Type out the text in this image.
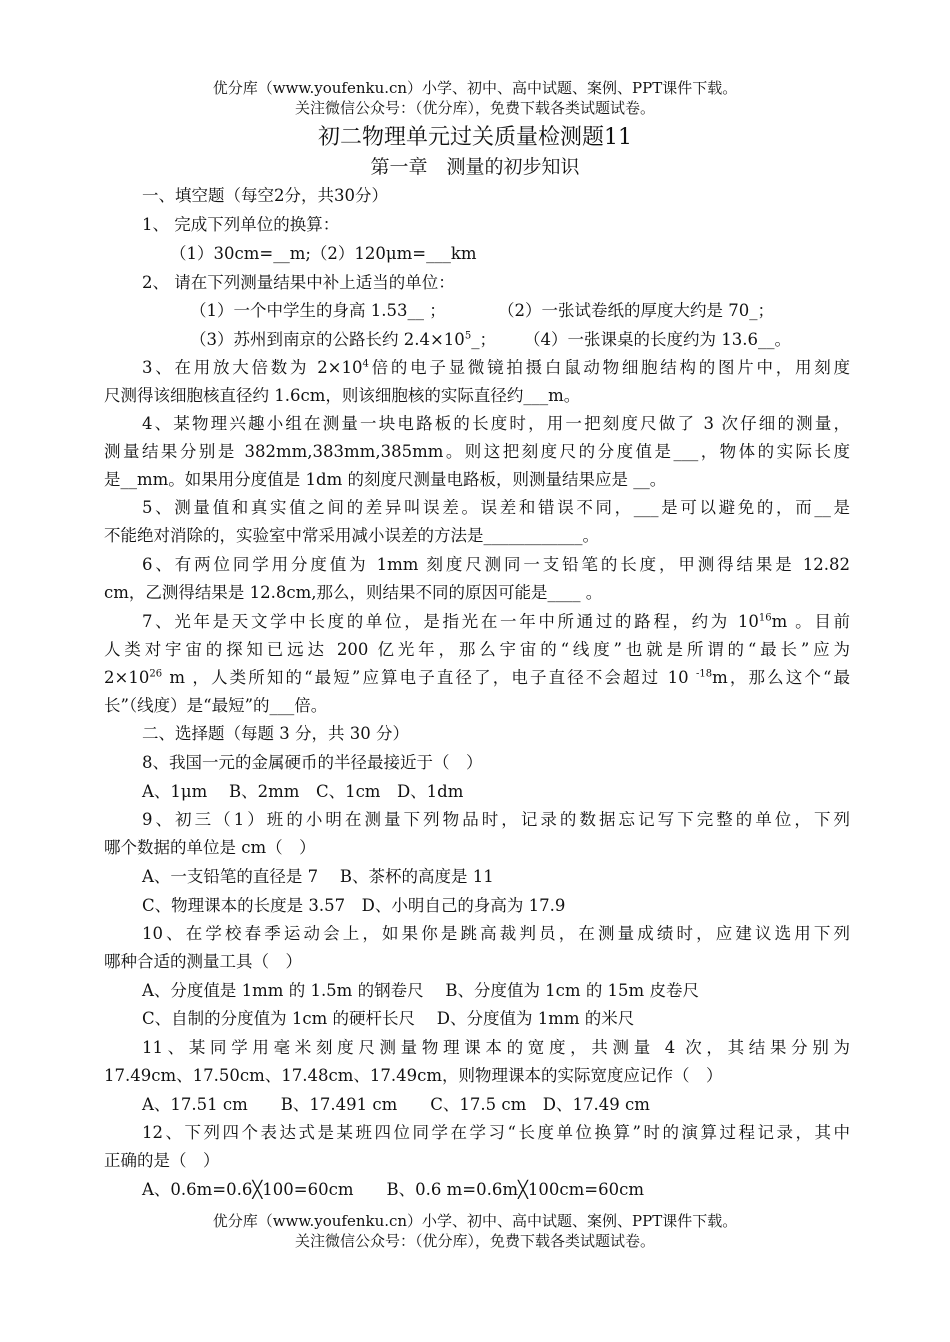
优分库（www.youfenku.cn）小学、初中、高中试题、案例、PPT课件下载。
关注微信公众号：（优分库），免费下载各类试题试卷。
初二物理单元过关质量检测题11
第一章　测量的初步知识
一、填空题（每空2分，共30分）
1、 完成下列单位的换算：
（1）30cm=__m;（2）120μm=___km
2、 请在下列测量结果中补上适当的单位：
（1）一个中学生的身高 1.53__ ；	（2）一张试卷纸的厚度大约是 70_；
（3）苏州到南京的公路长约 $2.4\times 10^5\_$； （4）一张课桌的长度约为 13.6__。
3、在用放大倍数为 $2\times 10^4$倍的电子显微镜拍摄白鼠动物细胞结构的图片中，用刻度
尺测得该细胞核直径约 1.6cm，则该细胞核的实际直径约___m。
4、某物理兴趣小组在测量一块电路板的长度时，用一把刻度尺做了 3 次仔细的测量，
测量结果分别是 382mm,383mm,385mm。则这把刻度尺的分度值是___，物体的实际长度
是__mm。如果用分度值是 1dm 的刻度尺测量电路板，则测量结果应是 __。
5、测量值和真实值之间的差异叫误差。误差和错误不同，___是可以避免的，而__是
不能绝对消除的，实验室中常采用减小误差的方法是____________。
6、有两位同学用分度值为 1mm 刻度尺测同一支铅笔的长度，甲测得结果是 12.82
cm，乙测得结果是 12.8cm,那么，则结果不同的原因可能是____ 。
7、光年是天文学中长度的单位，是指光在一年中所通过的路程，约为 $10^{16}m$ 。目前
人类对宇宙的探知已远达 200 亿光年，那么宇宙的“线度”也就是所谓的“最长”应为
$2\times 10^{26}$ m ，人类所知的“最短”应算电子直径了，电子直径不会超过 10 $^{-18}$m，那么这个“最
长”（线度）是“最短”的___倍。
二、选择题（每题 3 分，共 30 分）
8、我国一元的金属硬币的半径最接近于（　）
A、1μm　 B、2mm　C、1cm　D、1dm
9、初三（1）班的小明在测量下列物品时，记录的数据忘记写下完整的单位，下列
哪个数据的单位是 cm（　）
A、一支铅笔的直径是 7　 B、茶杯的高度是 11
C、物理课本的长度是 3.57　D、小明自己的身高为 17.9
10、在学校春季运动会上，如果你是跳高裁判员，在测量成绩时，应建议选用下列
哪种合适的测量工具（　）
A、分度值是 1mm 的 1.5m 的钢卷尺　 B、分度值为 1cm 的 15m 皮卷尺
C、自制的分度值为 1cm 的硬杆长尺　 D、分度值为 1mm 的米尺
11、某同学用毫米刻度尺测量物理课本的宽度，共测量 4 次，其结果分别为
17.49cm、17.50cm、17.48cm、17.49cm，则物理课本的实际宽度应记作（　）
A、17.51 cm　　B、17.491 cm　　C、17.5 cm　D、17.49 cm
12、下列四个表达式是某班四位同学在学习“长度单位换算”时的演算过程记录，其中
正确的是（　）
A、0.6m=0.6╳100=60cm　　B、0.6 m=0.6m╳100cm=60cm
优分库（www.youfenku.cn）小学、初中、高中试题、案例、PPT课件下载。
关注微信公众号：（优分库），免费下载各类试题试卷。
